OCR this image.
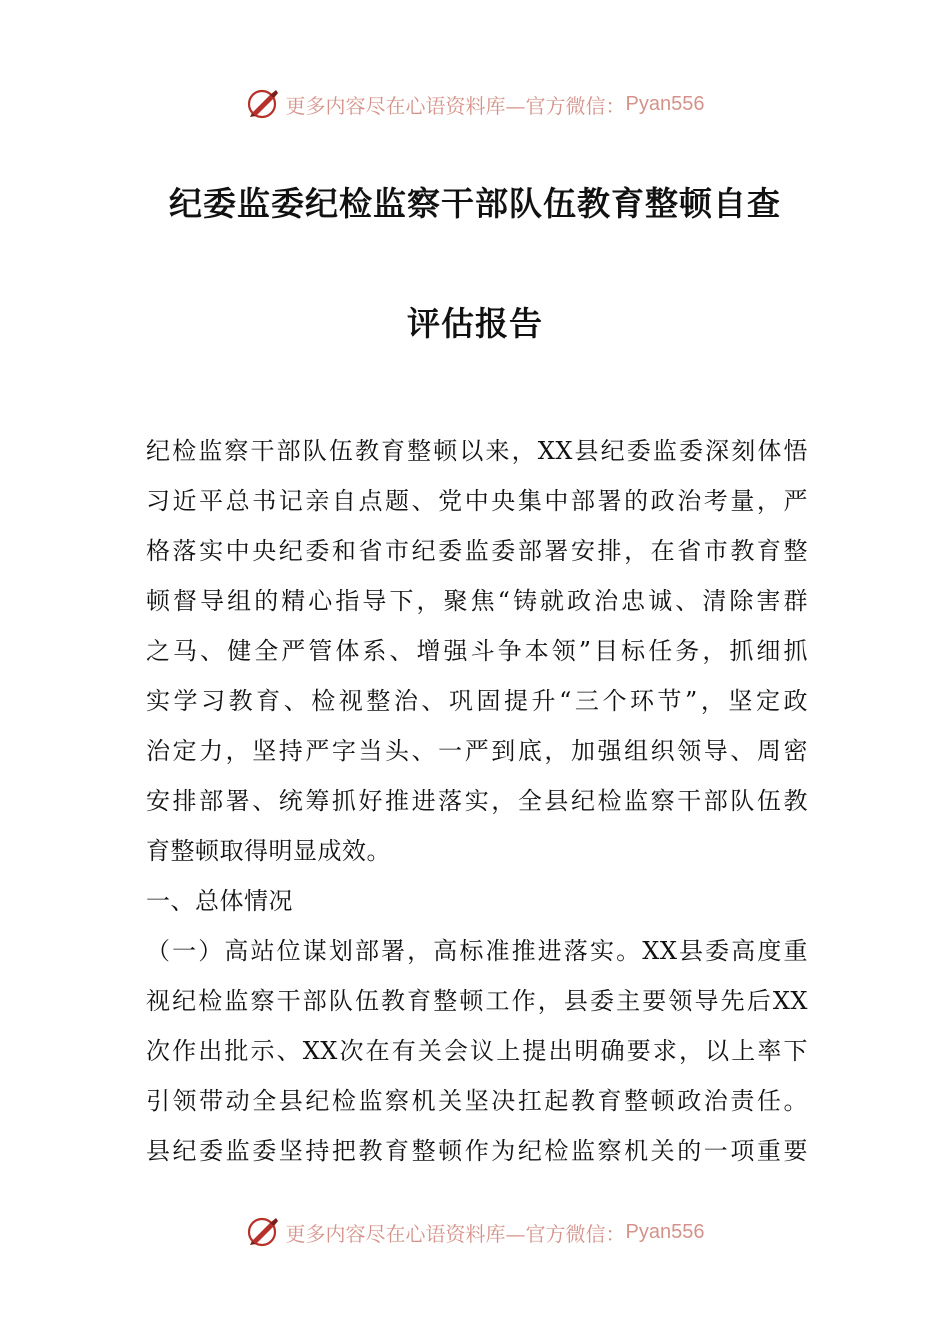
更多内容尽在心语资料库—官方微信： Pyan556
纪委监委纪检监察干部队伍教育整顿自查
评估报告
纪检监察干部队伍教育整顿以来，XX县纪委监委深刻体悟
习近平总书记亲自点题、党中央集中部署的政治考量，严
格落实中央纪委和省市纪委监委部署安排，在省市教育整
顿督导组的精心指导下，聚焦“铸就政治忠诚、清除害群
之马、健全严管体系、增强斗争本领”目标任务，抓细抓
实学习教育、检视整治、巩固提升“三个环节”，坚定政
治定力，坚持严字当头、一严到底，加强组织领导、周密
安排部署、统筹抓好推进落实，全县纪检监察干部队伍教
育整顿取得明显成效。
一、总体情况
（一）高站位谋划部署，高标准推进落实。XX县委高度重
视纪检监察干部队伍教育整顿工作，县委主要领导先后XX
次作出批示、XX次在有关会议上提出明确要求，以上率下
引领带动全县纪检监察机关坚决扛起教育整顿政治责任。
县纪委监委坚持把教育整顿作为纪检监察机关的一项重要
更多内容尽在心语资料库—官方微信： Pyan556
